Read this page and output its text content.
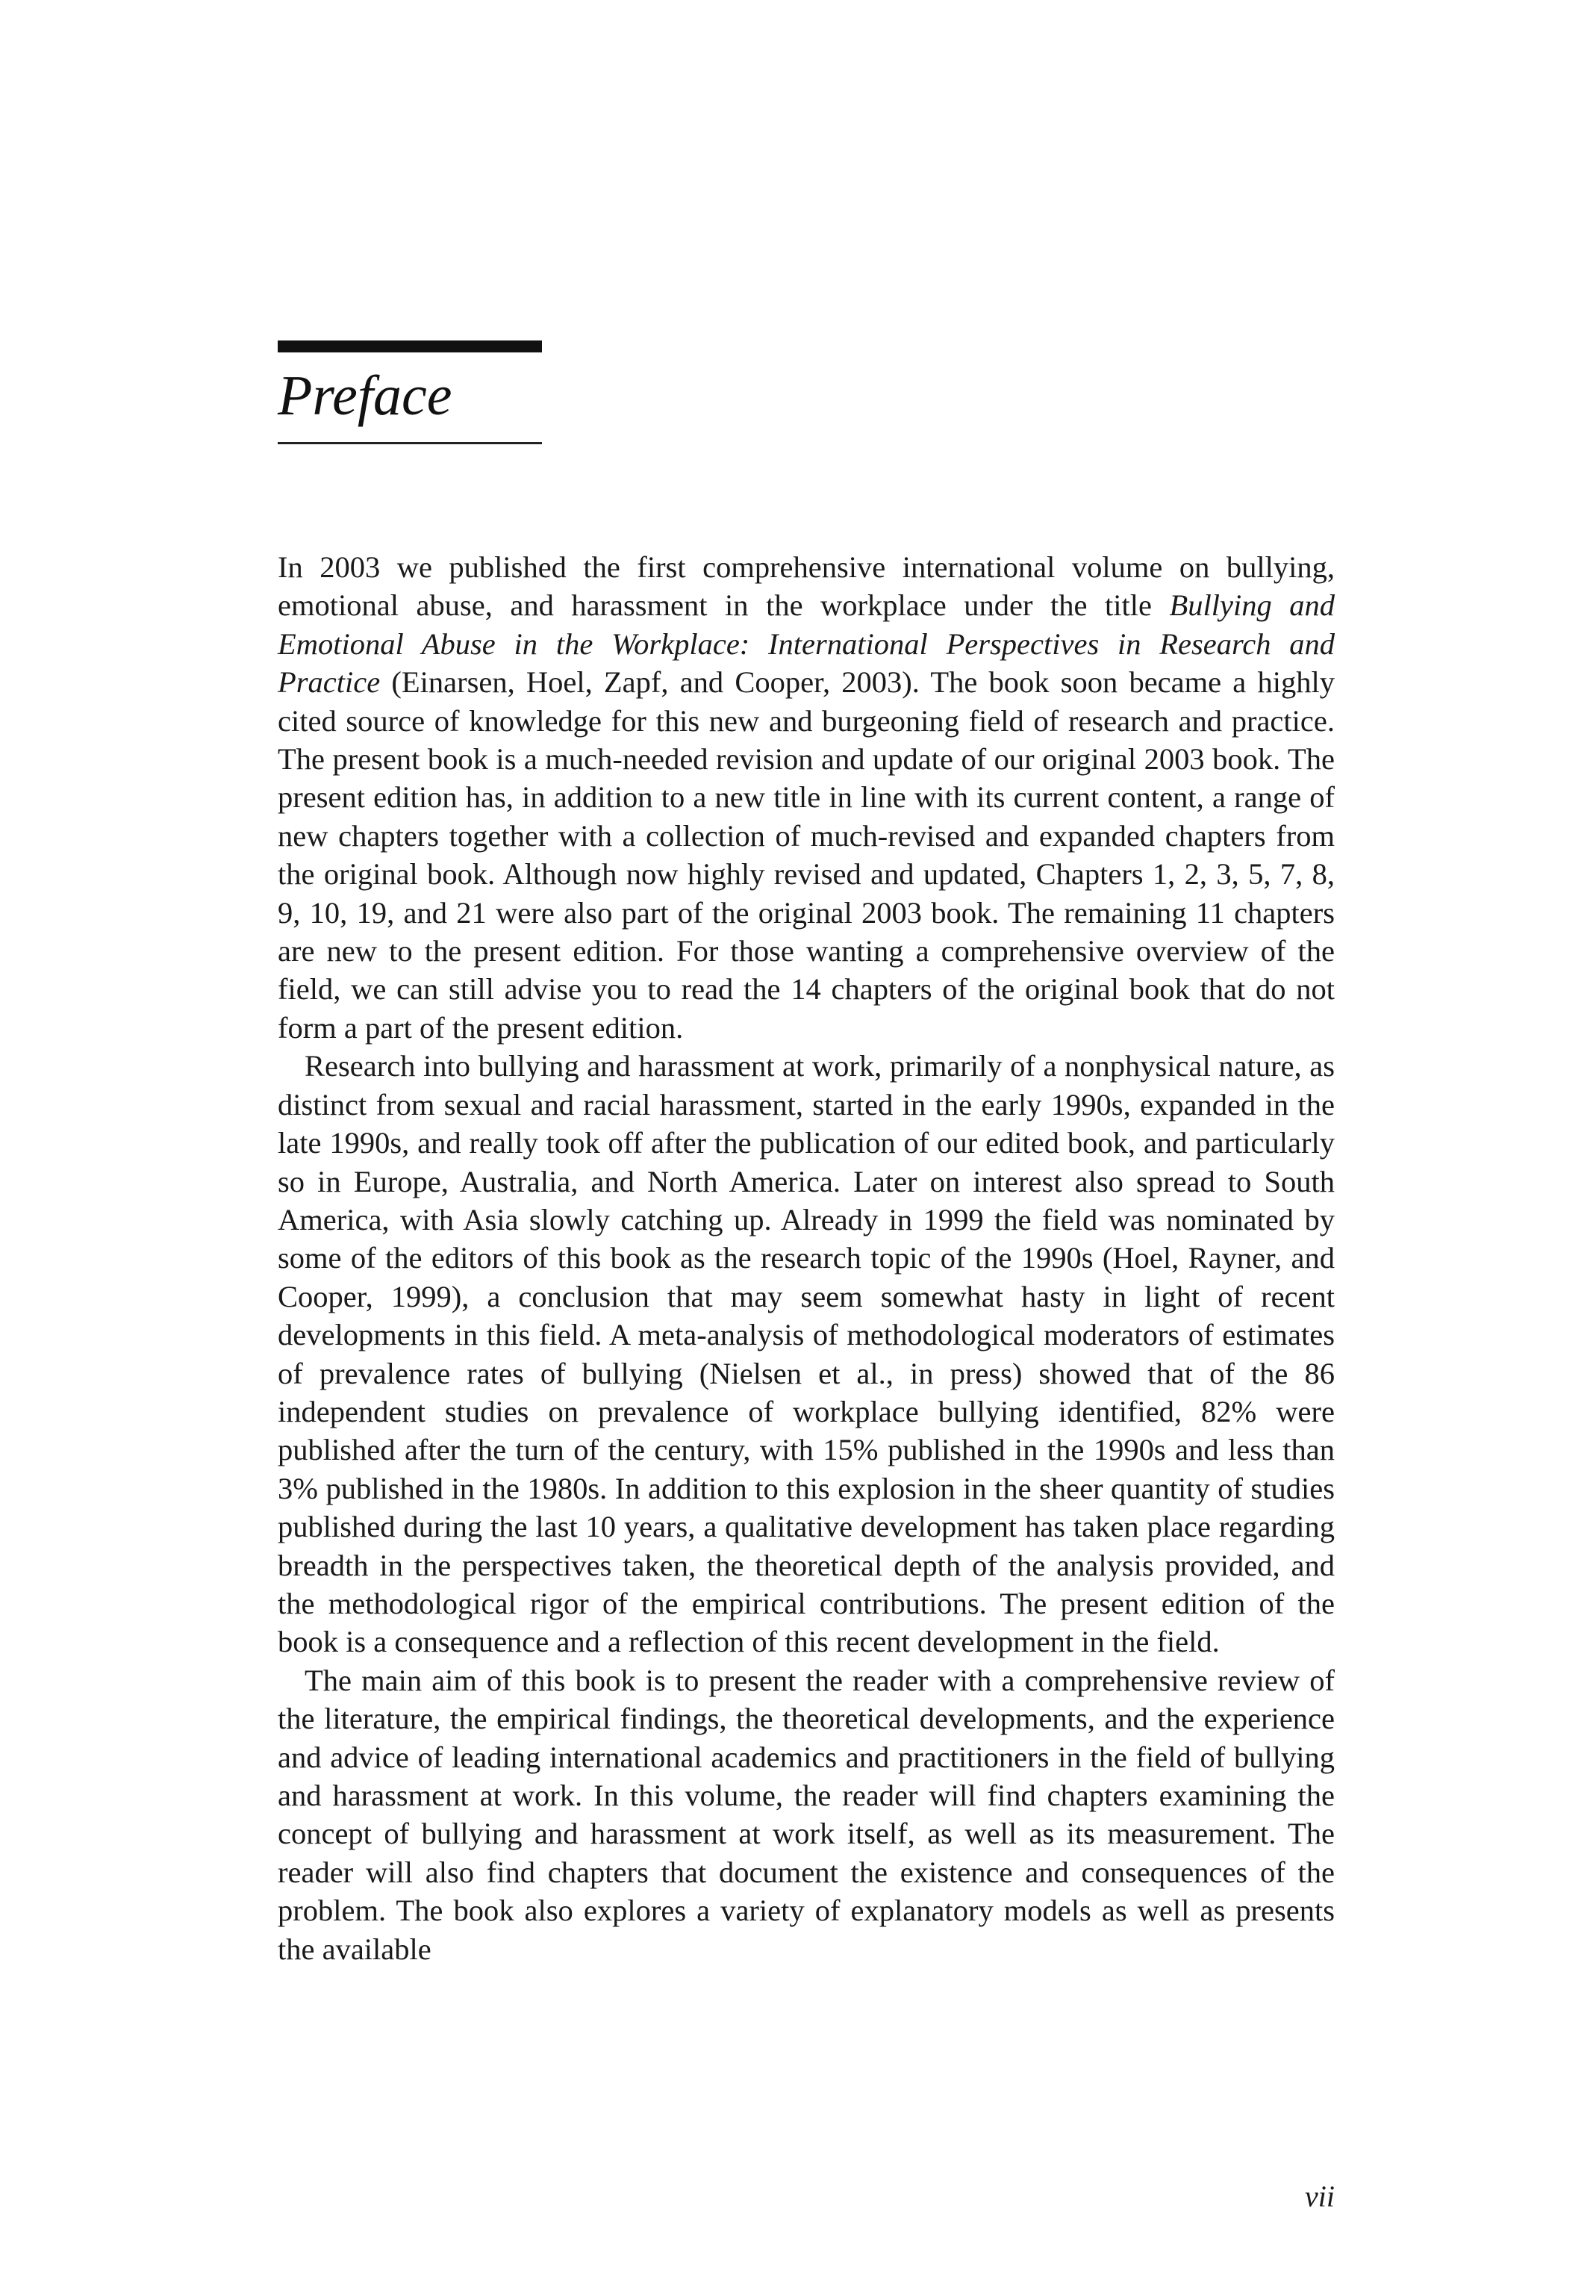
Preface

In 2003 we published the first comprehensive international volume on bullying, emotional abuse, and harassment in the workplace under the title Bullying and Emotional Abuse in the Workplace: International Perspectives in Research and Practice (Einarsen, Hoel, Zapf, and Cooper, 2003). The book soon became a highly cited source of knowledge for this new and burgeoning field of research and practice. The present book is a much-needed revision and update of our original 2003 book. The present edition has, in addition to a new title in line with its current content, a range of new chapters together with a collection of much-revised and expanded chapters from the original book. Although now highly revised and updated, Chapters 1, 2, 3, 5, 7, 8, 9, 10, 19, and 21 were also part of the original 2003 book. The remaining 11 chapters are new to the present edition. For those wanting a comprehensive overview of the field, we can still advise you to read the 14 chapters of the original book that do not form a part of the present edition.

Research into bullying and harassment at work, primarily of a nonphysical nature, as distinct from sexual and racial harassment, started in the early 1990s, expanded in the late 1990s, and really took off after the publication of our edited book, and particularly so in Europe, Australia, and North America. Later on interest also spread to South America, with Asia slowly catching up. Already in 1999 the field was nominated by some of the editors of this book as the research topic of the 1990s (Hoel, Rayner, and Cooper, 1999), a conclusion that may seem somewhat hasty in light of recent developments in this field. A meta-analysis of methodological moderators of estimates of prevalence rates of bullying (Nielsen et al., in press) showed that of the 86 independent studies on prevalence of workplace bullying identified, 82% were published after the turn of the century, with 15% published in the 1990s and less than 3% published in the 1980s. In addition to this explosion in the sheer quantity of studies published during the last 10 years, a qualitative development has taken place regarding breadth in the perspectives taken, the theoretical depth of the analysis provided, and the methodological rigor of the empirical contributions. The present edition of the book is a consequence and a reflection of this recent development in the field.

The main aim of this book is to present the reader with a comprehensive review of the literature, the empirical findings, the theoretical developments, and the experience and advice of leading international academics and practitioners in the field of bullying and harassment at work. In this volume, the reader will find chapters examining the concept of bullying and harassment at work itself, as well as its measurement. The reader will also find chapters that document the existence and consequences of the problem. The book also explores a variety of explanatory models as well as presents the available

vii
